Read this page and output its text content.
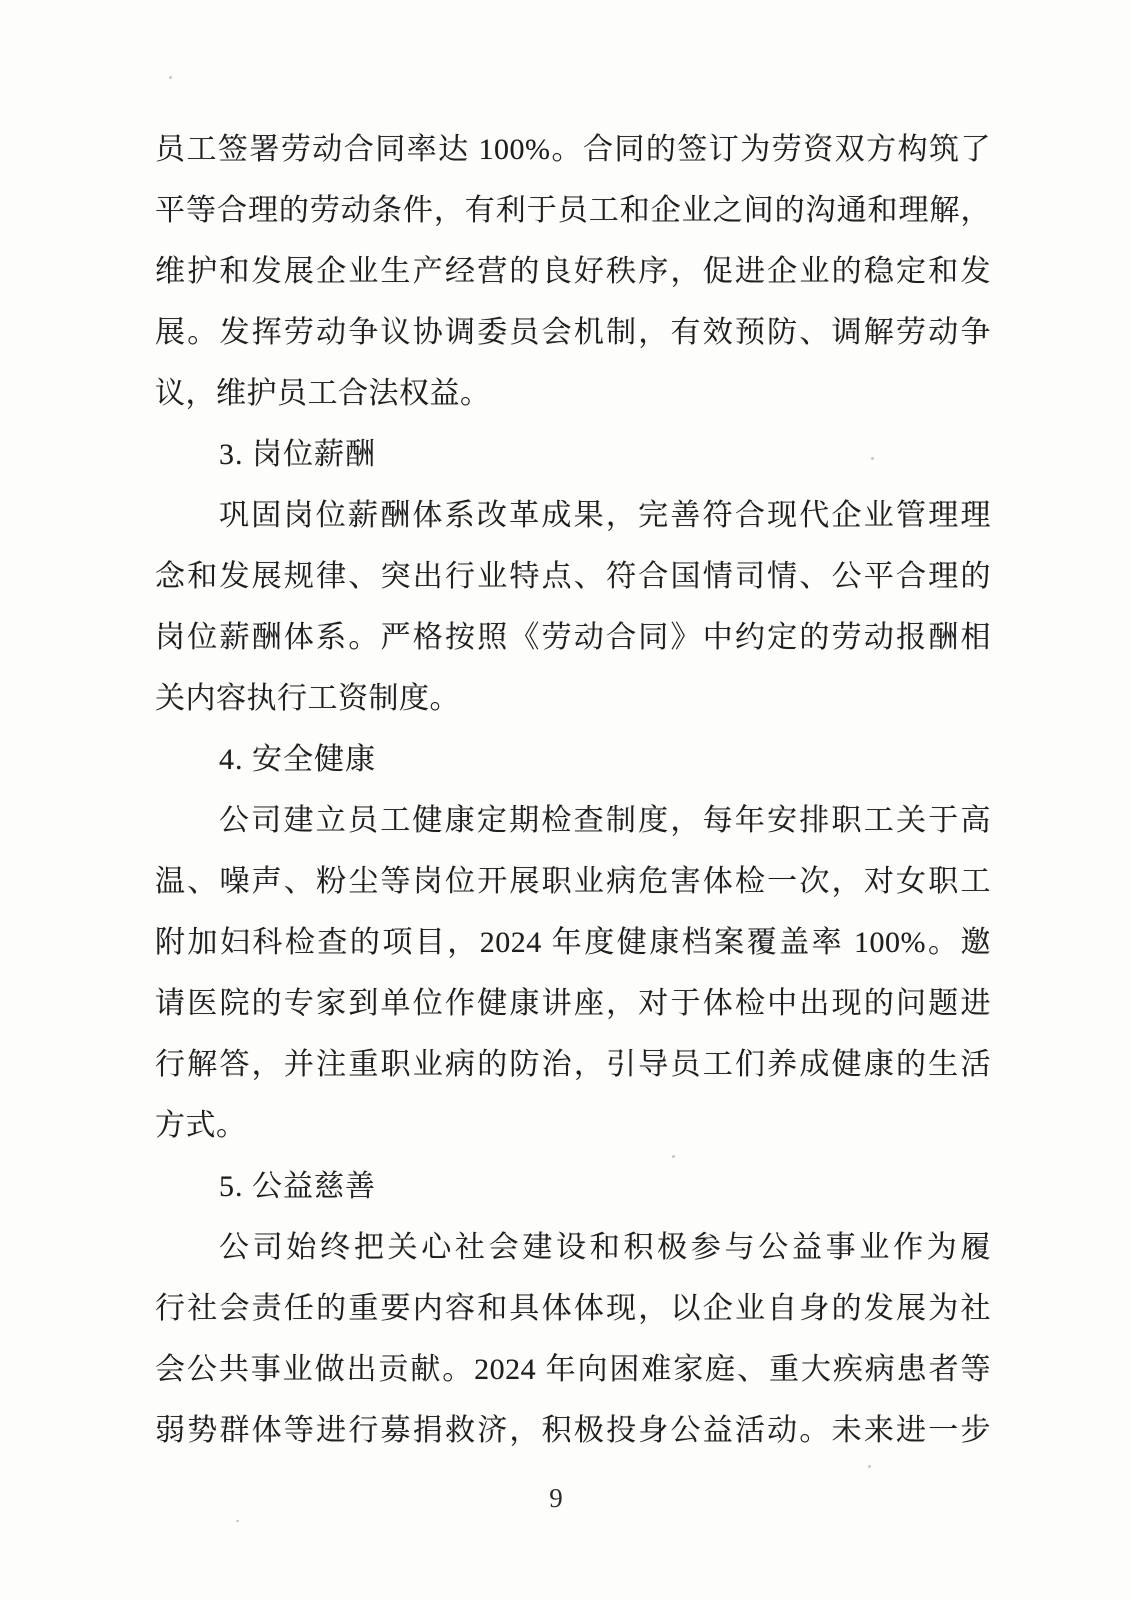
员工签署劳动合同率达 100%。合同的签订为劳资双方构筑了
平等合理的劳动条件，有利于员工和企业之间的沟通和理解，
维护和发展企业生产经营的良好秩序，促进企业的稳定和发
展。发挥劳动争议协调委员会机制，有效预防、调解劳动争
议，维护员工合法权益。
3. 岗位薪酬
巩固岗位薪酬体系改革成果，完善符合现代企业管理理
念和发展规律、突出行业特点、符合国情司情、公平合理的
岗位薪酬体系。严格按照《劳动合同》中约定的劳动报酬相
关内容执行工资制度。
4. 安全健康
公司建立员工健康定期检查制度，每年安排职工关于高
温、噪声、粉尘等岗位开展职业病危害体检一次，对女职工
附加妇科检查的项目，2024 年度健康档案覆盖率 100%。邀
请医院的专家到单位作健康讲座，对于体检中出现的问题进
行解答，并注重职业病的防治，引导员工们养成健康的生活
方式。
5. 公益慈善
公司始终把关心社会建设和积极参与公益事业作为履
行社会责任的重要内容和具体体现，以企业自身的发展为社
会公共事业做出贡献。2024 年向困难家庭、重大疾病患者等
弱势群体等进行募捐救济，积极投身公益活动。未来进一步
9
